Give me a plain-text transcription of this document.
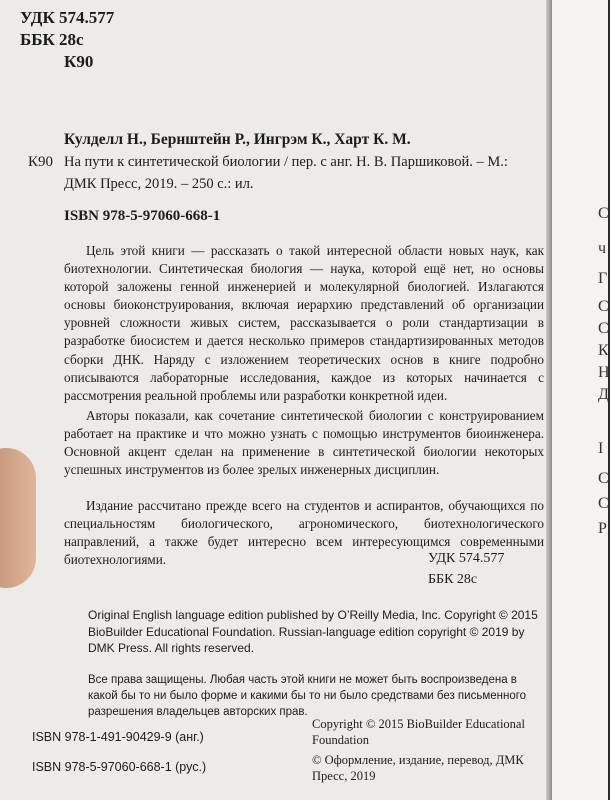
УДК 574.577
ББК 28с
К90
Кулделл Н., Бернштейн Р., Ингрэм К., Харт К. М.
К90 На пути к синтетической биологии / пер. с анг. Н. В. Паршиковой. – М.:
ДМК Пресс, 2019. – 250 с.: ил.
ISBN 978-5-97060-668-1

Цель этой книги — рассказать о такой интересной области новых наук, как биотехнологии. Синтетическая биология — наука, которой ещё нет, но основы которой заложены генной инженерией и молекулярной биологией. Излагаются основы биоконструирования, включая иерархию представлений об организации уровней сложности живых систем, рассказывается о роли стандартизации в разработке биосистем и дается несколько примеров стандартизированных методов сборки ДНК. Наряду с изложением теоретических основ в книге подробно описываются лабораторные исследования, каждое из которых начинается с рассмотрения реальной проблемы или разработки конкретной идеи.

Авторы показали, как сочетание синтетической биологии с конструированием работает на практике и что можно узнать с помощью инструментов биоинженера. Основной акцент сделан на применение в синтетической биологии некоторых успешных инструментов из более зрелых инженерных дисциплин.

Издание рассчитано прежде всего на студентов и аспирантов, обучающихся по специальностям биологического, агрономического, биотехнологического направлений, а также будет интересно всем интересующимся современными биотехнологиями.	УДК 574.577
ББК 28с

Original English language edition published by O’Reilly Media, Inc. Copyright © 2015 BioBuilder Educational Foundation. Russian-language edition copyright © 2019 by DMK Press. All rights reserved.

Все права защищены. Любая часть этой книги не может быть воспроизведена в какой бы то ни было форме и какими бы то ни было средствами без письменного разрешения владельцев авторских прав.

ISBN 978-1-491-90429-9 (анг.)
ISBN 978-5-97060-668-1 (рус.)

Copyright © 2015 BioBuilder Educational Foundation

© Оформление, издание, перевод, ДМК Пресс, 2019

С
ч
Г
С
С
К
Н
Д
I
С
С
Р
